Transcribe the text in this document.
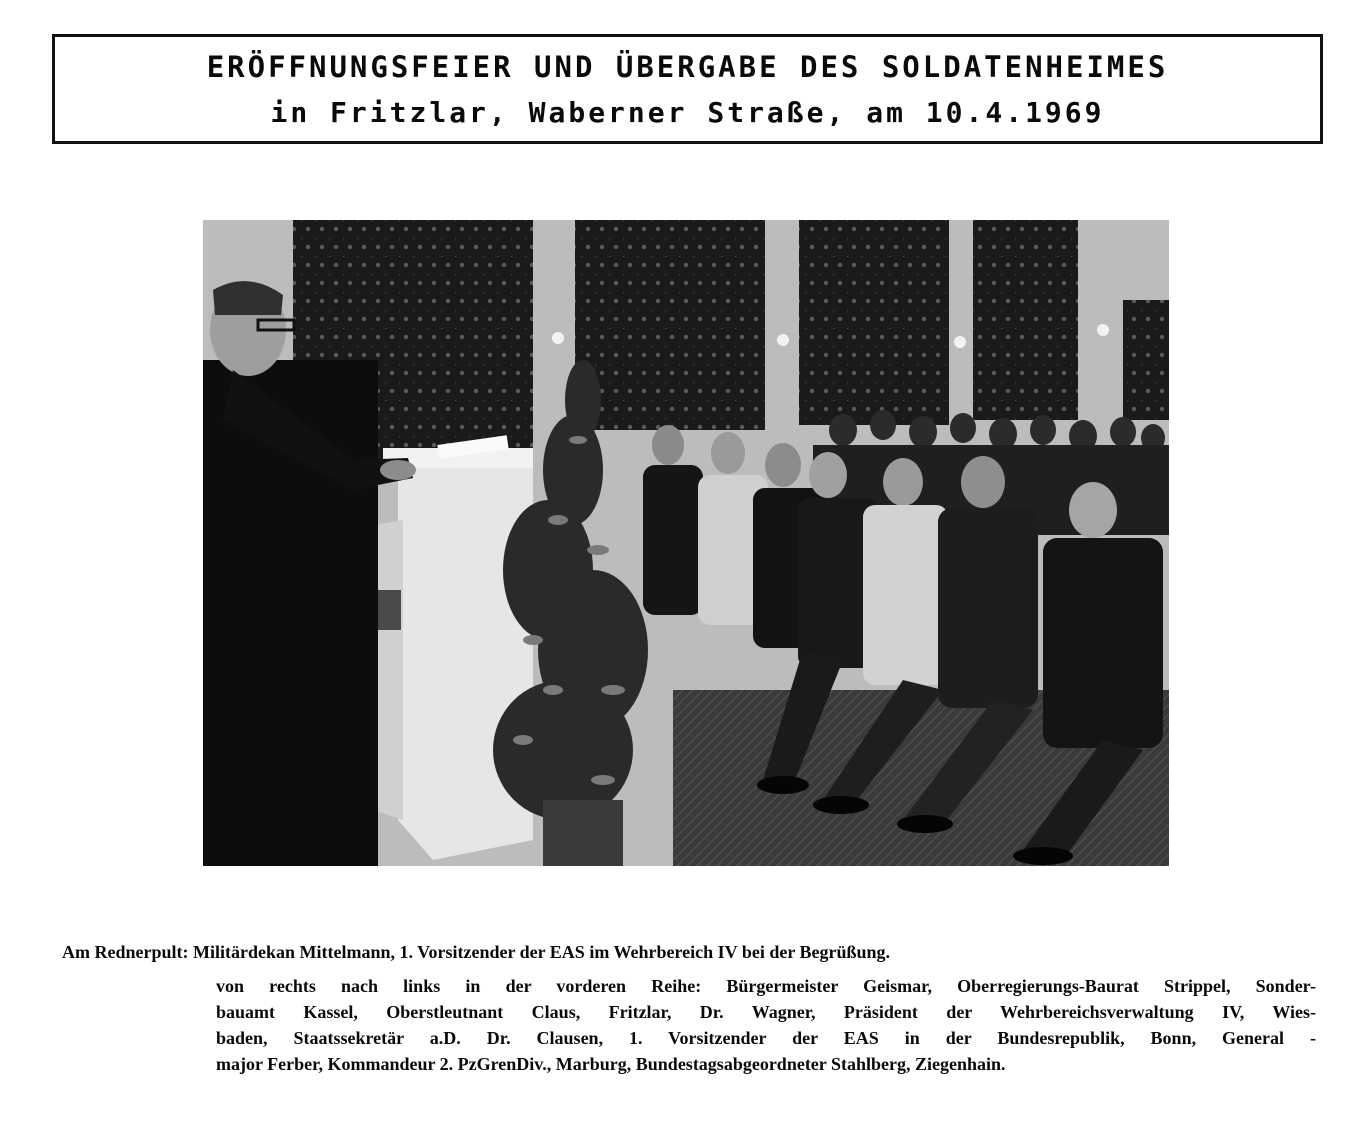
ERÖFFNUNGSFEIER UND ÜBERGABE DES SOLDATENHEIMES
in Fritzlar, Waberner Straße, am 10.4.1969
Am Rednerpult: Militärdekan Mittelmann, 1. Vorsitzender der EAS im Wehrbereich IV bei der Begrüßung.
von rechts nach links in der vorderen Reihe: Bürgermeister Geismar, Oberregierungs-Baurat Strippel, Sonder-
bauamt Kassel, Oberstleutnant Claus, Fritzlar, Dr. Wagner, Präsident der Wehrbereichsverwaltung IV, Wies-
baden, Staatssekretär a.D. Dr. Clausen, 1. Vorsitzender der EAS in der Bundesrepublik, Bonn, General -
major Ferber, Kommandeur 2. PzGrenDiv., Marburg, Bundestagsabgeordneter Stahlberg, Ziegenhain.
